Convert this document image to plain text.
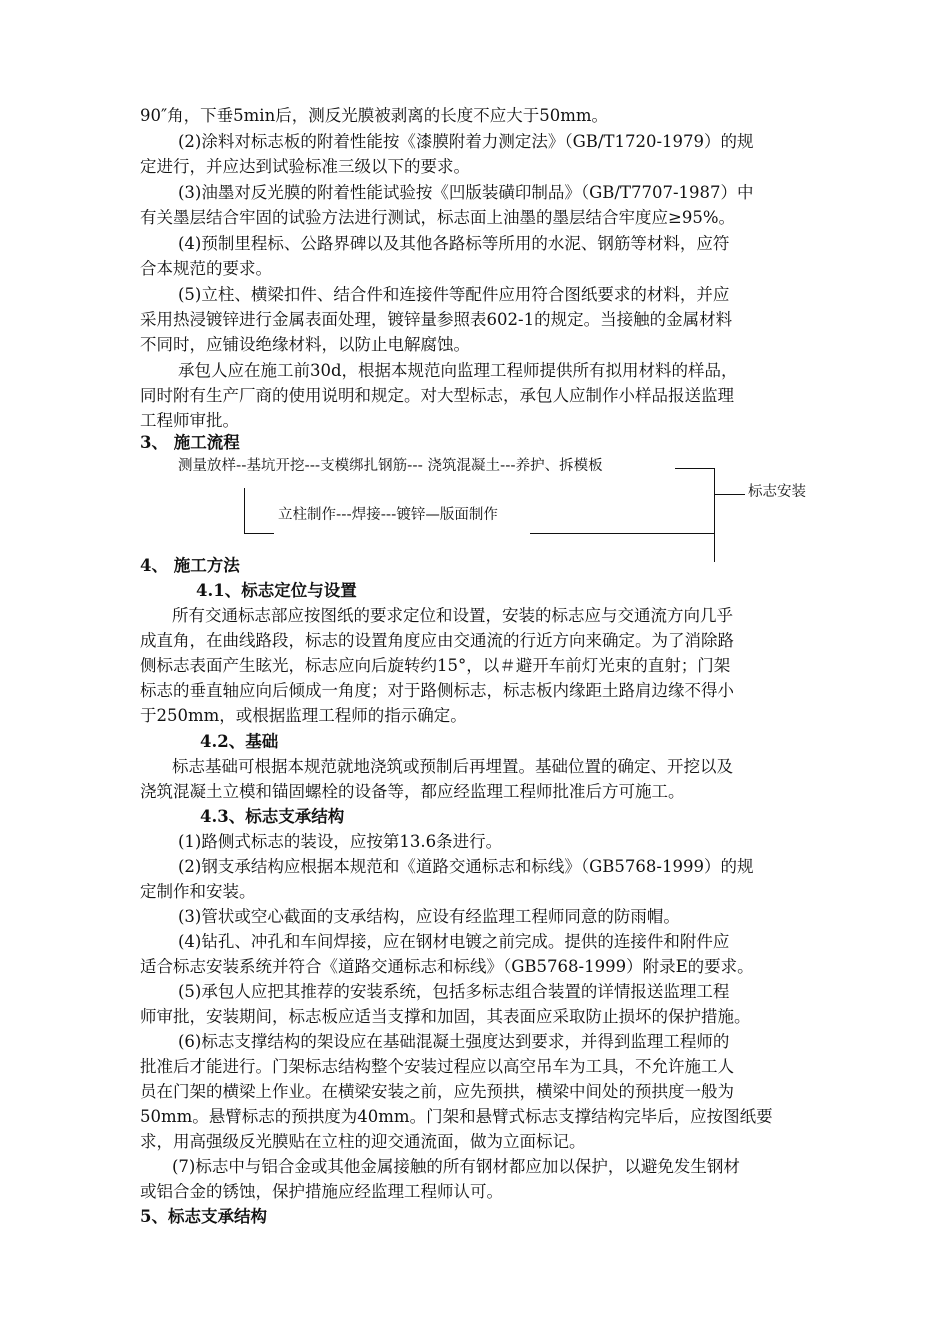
90″角，下垂5min后，测反光膜被剥离的长度不应大于50mm。
(2)涂料对标志板的附着性能按《漆膜附着力测定法》（GB/T1720-1979）的规
定进行，并应达到试验标准三级以下的要求。
(3)油墨对反光膜的附着性能试验按《凹版装磺印制品》（GB/T7707-1987）中
有关墨层结合牢固的试验方法进行测试，标志面上油墨的墨层结合牢度应≥95%。
(4)预制里程标、公路界碑以及其他各路标等所用的水泥、钢筋等材料，应符
合本规范的要求。
(5)立柱、横梁扣件、结合件和连接件等配件应用符合图纸要求的材料，并应
采用热浸镀锌进行金属表面处理，镀锌量参照表602-1的规定。当接触的金属材料
不同时，应铺设绝缘材料，以防止电解腐蚀。
承包人应在施工前30d，根据本规范向监理工程师提供所有拟用材料的样品，
同时附有生产厂商的使用说明和规定。对大型标志，承包人应制作小样品报送监理
工程师审批。
3、 施工流程
测量放样--基坑开挖---支模绑扎钢筋--- 浇筑混凝土---养护、拆模板
标志安装
立柱制作---焊接---镀锌—版面制作
4、 施工方法
4.1、标志定位与设置
所有交通标志部应按图纸的要求定位和设置，安装的标志应与交通流方向几乎
成直角，在曲线路段，标志的设置角度应由交通流的行近方向来确定。为了消除路
侧标志表面产生眩光，标志应向后旋转约15°，以＃避开车前灯光束的直射；门架
标志的垂直轴应向后倾成一角度；对于路侧标志，标志板内缘距土路肩边缘不得小
于250mm，或根据监理工程师的指示确定。
4.2、基础
标志基础可根据本规范就地浇筑或预制后再埋置。基础位置的确定、开挖以及
浇筑混凝土立模和锚固螺栓的设备等，都应经监理工程师批准后方可施工。
4.3、标志支承结构
(1)路侧式标志的装设，应按第13.6条进行。
(2)钢支承结构应根据本规范和《道路交通标志和标线》（GB5768-1999）的规
定制作和安装。
(3)管状或空心截面的支承结构，应设有经监理工程师同意的防雨帽。
(4)钻孔、冲孔和车间焊接，应在钢材电镀之前完成。提供的连接件和附件应
适合标志安装系统并符合《道路交通标志和标线》（GB5768-1999）附录E的要求。
(5)承包人应把其推荐的安装系统，包括多标志组合装置的详情报送监理工程
师审批，安装期间，标志板应适当支撑和加固，其表面应采取防止损坏的保护措施。
(6)标志支撑结构的架设应在基础混凝土强度达到要求，并得到监理工程师的
批准后才能进行。门架标志结构整个安装过程应以高空吊车为工具，不允许施工人
员在门架的横梁上作业。在横梁安装之前，应先预拱，横梁中间处的预拱度一般为
50mm。悬臂标志的预拱度为40mm。门架和悬臂式标志支撑结构完毕后，应按图纸要
求，用高强级反光膜贴在立柱的迎交通流面，做为立面标记。
(7)标志中与铝合金或其他金属接触的所有钢材都应加以保护，以避免发生钢材
或铝合金的锈蚀，保护措施应经监理工程师认可。
5、标志支承结构
